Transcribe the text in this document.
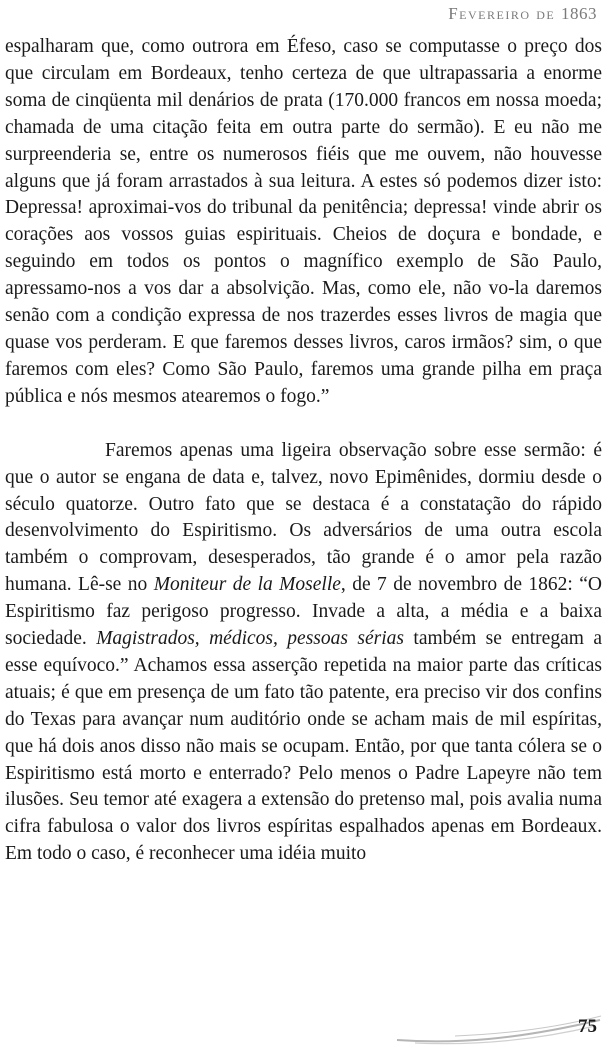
Fevereiro de 1863

espalharam que, como outrora em Éfeso, caso se computasse o preço dos que circulam em Bordeaux, tenho certeza de que ultrapassaria a enorme soma de cinqüenta mil denários de prata (170.000 francos em nossa moeda; chamada de uma citação feita em outra parte do sermão). E eu não me surpreenderia se, entre os numerosos fiéis que me ouvem, não houvesse alguns que já foram arrastados à sua leitura. A estes só podemos dizer isto: Depressa! aproximai-vos do tribunal da penitência; depressa! vinde abrir os corações aos vossos guias espirituais. Cheios de doçura e bondade, e seguindo em todos os pontos o magnífico exemplo de São Paulo, apressamo-nos a vos dar a absolvição. Mas, como ele, não vo-la daremos senão com a condição expressa de nos trazerdes esses livros de magia que quase vos perderam. E que faremos desses livros, caros irmãos? sim, o que faremos com eles? Como São Paulo, faremos uma grande pilha em praça pública e nós mesmos atearemos o fogo.”

Faremos apenas uma ligeira observação sobre esse sermão: é que o autor se engana de data e, talvez, novo Epimênides, dormiu desde o século quatorze. Outro fato que se destaca é a constatação do rápido desenvolvimento do Espiritismo. Os adversários de uma outra escola também o comprovam, desesperados, tão grande é o amor pela razão humana. Lê-se no Moniteur de la Moselle, de 7 de novembro de 1862: “O Espiritismo faz perigoso progresso. Invade a alta, a média e a baixa sociedade. Magistrados, médicos, pessoas sérias também se entregam a esse equívoco.” Achamos essa asserção repetida na maior parte das críticas atuais; é que em presença de um fato tão patente, era preciso vir dos confins do Texas para avançar num auditório onde se acham mais de mil espíritas, que há dois anos disso não mais se ocupam. Então, por que tanta cólera se o Espiritismo está morto e enterrado? Pelo menos o Padre Lapeyre não tem ilusões. Seu temor até exagera a extensão do pretenso mal, pois avalia numa cifra fabulosa o valor dos livros espíritas espalhados apenas em Bordeaux. Em todo o caso, é reconhecer uma idéia muito

75
